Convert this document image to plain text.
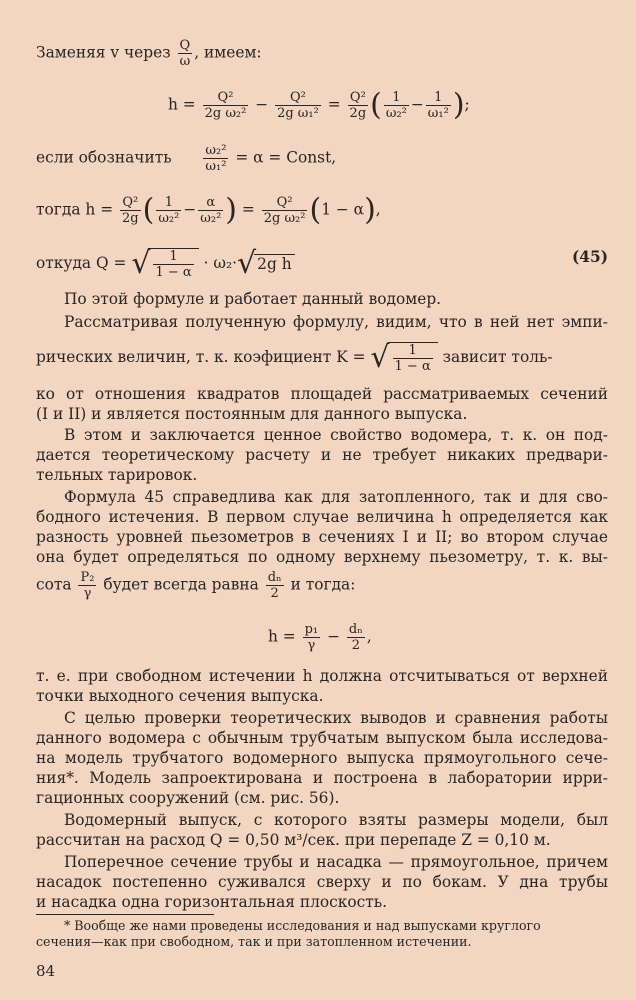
Заменяя v через $\frac{Q}{\omega}$ , имеем:
$h = \frac{\text{Q²}}{\text{2g ω₂²}} - \frac{\text{Q²}}{\text{2g ω₁²}} = \frac{\text{Q²}}{2g}$ ( $\frac{1}{\text{ω₂²}} - \frac{1}{\text{ω₁²}}$ );
если обозначить $\frac{\text{ω₂²}}{\text{ω₁²}} = \alpha$ = Const,
тогда $h = \frac{\text{Q²}}{2g}$ ( $\frac{1}{\text{ω₂²}} - \frac{\alpha}{\text{ω₂²}}$ ) = $\frac{\text{Q²}}{\text{2g ω₂²}} (1 - \alpha)$,
откуда Q = √ $\frac{1}{1 - \alpha} \cdot \omega_2\cdot√2g$ h	(45)
По этой формуле и работает данный водомер.
Рассматривая полученную формулу, видим, что в ней нет эмпи-
рических величин, т. к. коэфициент K = √ $\frac{1}{1 - \alpha}$ зависит толь-
ко от отношения квадратов площадей рассматриваемых сечений
(I и II) и является постоянным для данного выпуска.
В этом и заключается ценное свойство водомера, т. к. он под-
дается теоретическому расчету и не требует никаких предвари-
тельных тарировок.
Формула 45 справедлива как для затопленного, так и для сво-
бодного истечения. В первом случае величина h определяется как
разность уровней пьезометров в сечениях I и II; во втором случае
она будет определяться по одному верхнему пьезометру, т. к. вы-
сота $\frac{\text{P₂}}{\gamma}$ будет всегда равна $\frac{\text{dₙ}}{2}$ и тогда:
$h = \frac{\text{p₁}}{\gamma} - \frac{\text{dₙ}}{2}$ ,
т. е. при свободном истечении h должна отсчитываться от верхней
точки выходного сечения выпуска.
С целью проверки теоретических выводов и сравнения работы
данного водомера с обычным трубчатым выпуском была исследова-
на модель трубчатого водомерного выпуска прямоугольного сече-
ния*. Модель запроектирована и построена в лаборатории ирри-
гационных сооружений (см. рис. 56).
Водомерный выпуск, с которого взяты размеры модели, был
рассчитан на расход Q = 0,50 м³/сек. при перепаде Z = 0,10 м.
Поперечное сечение трубы и насадка — прямоугольное, причем
насадок постепенно суживался сверху и по бокам. У дна трубы
и насадка одна горизонтальная плоскость.
* Вообще же нами проведены исследования и над выпусками круглого
сечения—как при свободном, так и при затопленном истечении.
84
